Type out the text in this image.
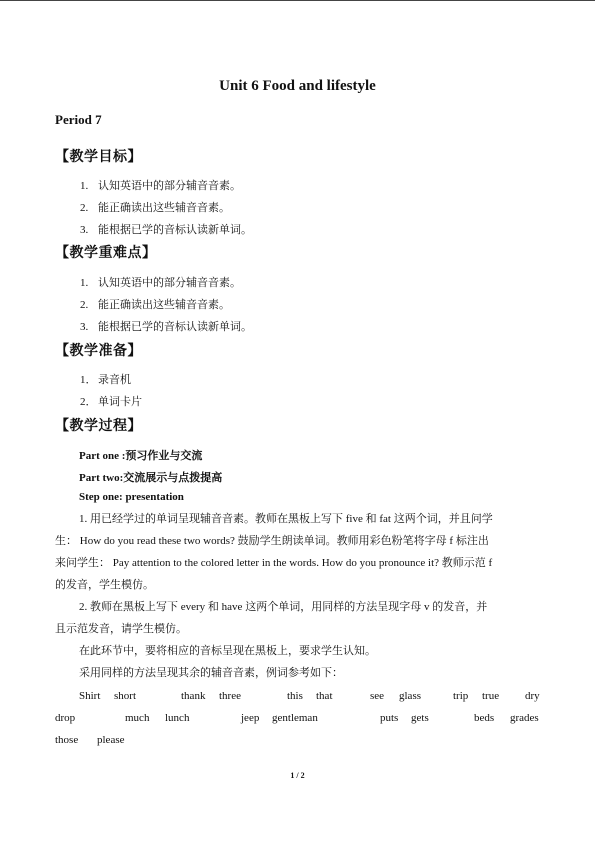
Unit 6 Food and lifestyle
Period 7
【教学目标】
1. 认知英语中的部分辅音音素。
2. 能正确读出这些辅音音素。
3. 能根据已学的音标认读新单词。
【教学重难点】
1. 认知英语中的部分辅音音素。
2. 能正确读出这些辅音音素。
3. 能根据已学的音标认读新单词。
【教学准备】
1． 录音机
2． 单词卡片
【教学过程】
Part one :预习作业与交流
Part two:交流展示与点拨提高
Step one: presentation
1. 用已经学过的单词呈现辅音音素。教师在黑板上写下 five 和 fat 这两个词，并且问学
生： How do you read these two words? 鼓励学生朗读单词。教师用彩色粉笔将字母 f 标注出
来问学生： Pay attention to the colored letter in the words. How do you pronounce it? 教师示范 f
的发音，学生模仿。
2. 教师在黑板上写下 every 和 have 这两个单词，用同样的方法呈现字母 v 的发音，并
且示范发音，请学生模仿。
在此环节中，要将相应的音标呈现在黑板上，要求学生认知。
采用同样的方法呈现其余的辅音音素，例词参考如下：
Shirt short	thank three	this that	see glass	trip true dry
drop	much lunch	jeep gentleman	puts gets	beds grades
those please
1 / 2
